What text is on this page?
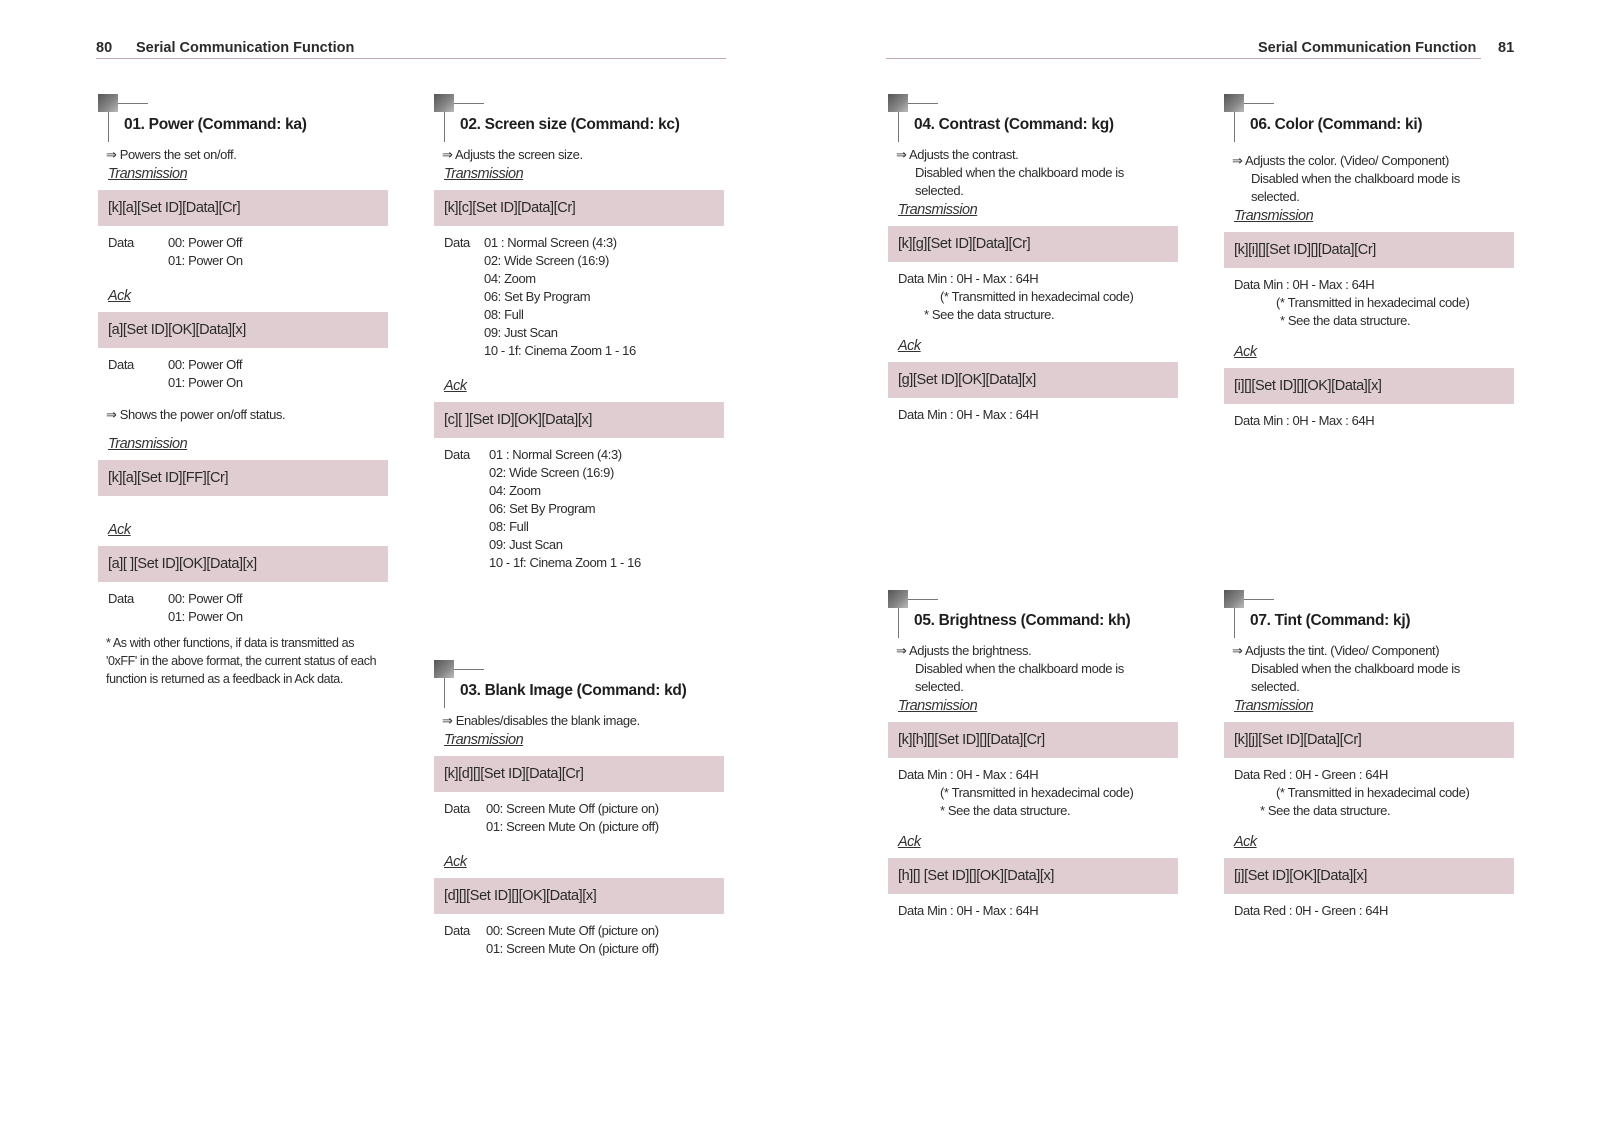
80 Serial Communication Function	Serial Communication Function 81
01. Power (Command: ka)
⇒ Powers the set on/off.
Transmission
[k][a][Set ID][Data][Cr]
Data	00: Power Off
01: Power On
Ack
[a][Set ID][OK][Data][x]
Data	00: Power Off
01: Power On
⇒ Shows the power on/off status.
Transmission
[k][a][Set ID][FF][Cr]
Ack
[a][ ][Set ID][OK][Data][x]
Data	00: Power Off
01: Power On
* As with other functions, if data is transmitted as '0xFF' in the above format, the current status of each function is returned as a feedback in Ack data.
02. Screen size (Command: kc)
⇒ Adjusts the screen size.
Transmission
[k][c][Set ID][Data][Cr]
Data	01 : Normal Screen (4:3)
02: Wide Screen (16:9)
04: Zoom
06: Set By Program
08: Full
09: Just Scan
10 - 1f: Cinema Zoom 1 - 16
Ack
[c][ ][Set ID][OK][Data][x]
Data	01 : Normal Screen (4:3)
02: Wide Screen (16:9)
04: Zoom
06: Set By Program
08: Full
09: Just Scan
10 - 1f: Cinema Zoom 1 - 16
03. Blank Image (Command: kd)
⇒ Enables/disables the blank image.
Transmission
[k][d][][Set ID][Data][Cr]
Data	00: Screen Mute Off (picture on)
01: Screen Mute On (picture off)
Ack
[d][][Set ID][][OK][Data][x]
Data	00: Screen Mute Off (picture on)
01: Screen Mute On (picture off)
04. Contrast (Command: kg)
⇒ Adjusts the contrast.
Disabled when the chalkboard mode is
selected.
Transmission
[k][g][Set ID][Data][Cr]
Data Min : 0H - Max : 64H
(* Transmitted in hexadecimal code)
* See the data structure.
Ack
[g][Set ID][OK][Data][x]
Data Min : 0H - Max : 64H
05. Brightness (Command: kh)
⇒ Adjusts the brightness.
Disabled when the chalkboard mode is
selected.
Transmission
[k][h][][Set ID][][Data][Cr]
Data Min : 0H - Max : 64H
(* Transmitted in hexadecimal code)
* See the data structure.
Ack
[h][] [Set ID][][OK][Data][x]
Data Min : 0H - Max : 64H
06. Color (Command: ki)
⇒ Adjusts the color. (Video/ Component)
Disabled when the chalkboard mode is
selected.
Transmission
[k][i][][Set ID][][Data][Cr]
Data Min : 0H - Max : 64H
(* Transmitted in hexadecimal code)
* See the data structure.
Ack
[i][][Set ID][][OK][Data][x]
Data Min : 0H - Max : 64H
07. Tint (Command: kj)
⇒ Adjusts the tint. (Video/ Component)
Disabled when the chalkboard mode is
selected.
Transmission
[k][j][Set ID][Data][Cr]
Data Red : 0H - Green : 64H
(* Transmitted in hexadecimal code)
* See the data structure.
Ack
[j][Set ID][OK][Data][x]
Data Red : 0H - Green : 64H
